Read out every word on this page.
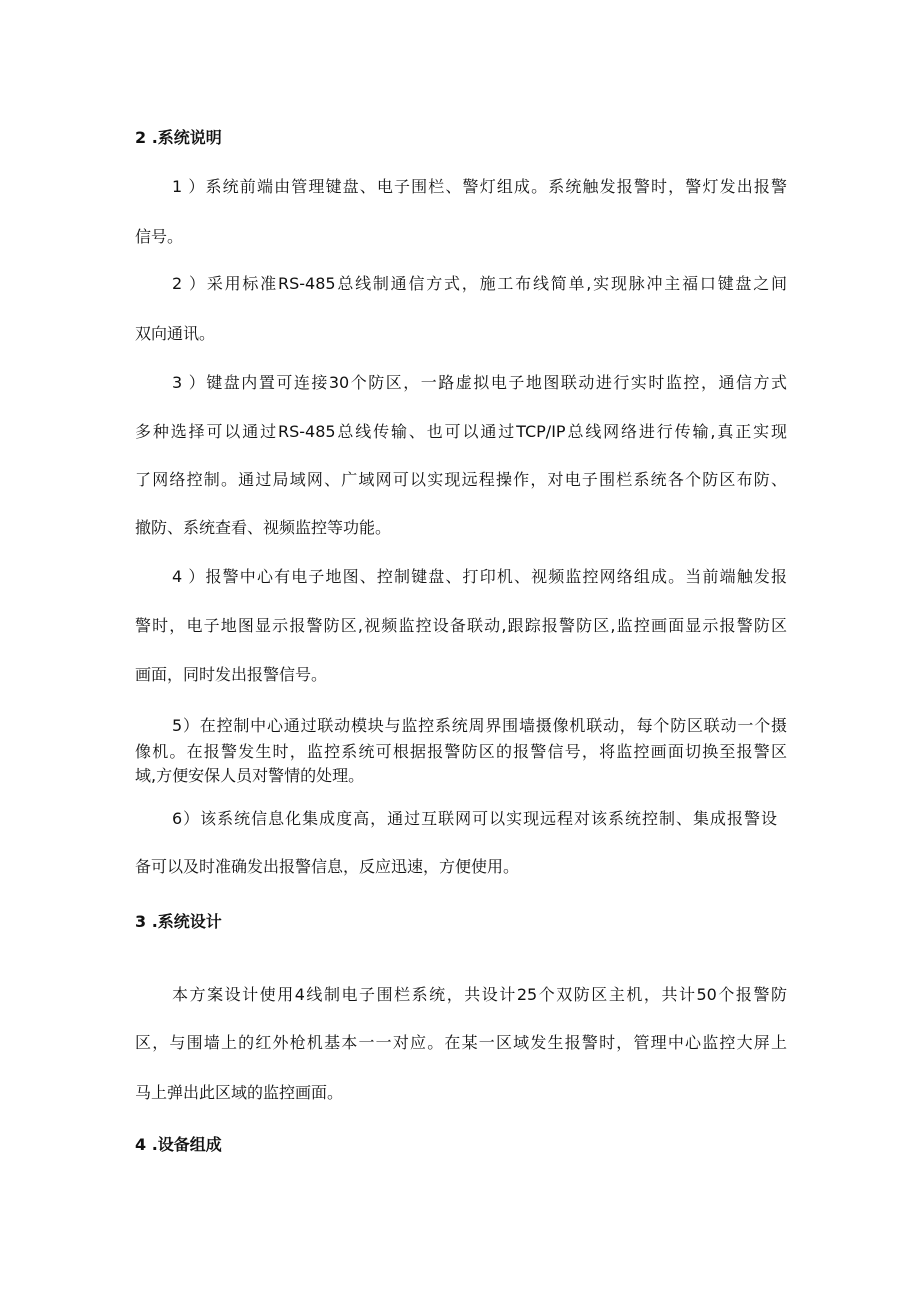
2 .系统说明
1 ）系统前端由管理键盘、电子围栏、警灯组成。系统触发报警时，警灯发出报警
信号。
2 ）采用标准RS-485总线制通信方式，施工布线简单,实现脉冲主福口键盘之间
双向通讯。
3 ）键盘内置可连接30个防区，一路虚拟电子地图联动进行实时监控，通信方式
多种选择可以通过RS-485总线传输、也可以通过TCP/IP总线网络进行传输,真正实现
了网络控制。通过局域网、广域网可以实现远程操作，对电子围栏系统各个防区布防、
撤防、系统查看、视频监控等功能。
4 ）报警中心有电子地图、控制键盘、打印机、视频监控网络组成。当前端触发报
警时，电子地图显示报警防区,视频监控设备联动,跟踪报警防区,监控画面显示报警防区
画面，同时发出报警信号。
5）在控制中心通过联动模块与监控系统周界围墙摄像机联动，每个防区联动一个摄
像机。在报警发生时，监控系统可根据报警防区的报警信号，将监控画面切换至报警区
域,方便安保人员对警情的处理。
6）该系统信息化集成度高，通过互联网可以实现远程对该系统控制、集成报警设
备可以及时准确发出报警信息，反应迅速，方便使用。
3 .系统设计
本方案设计使用4线制电子围栏系统，共设计25个双防区主机，共计50个报警防
区，与围墙上的红外枪机基本一一对应。在某一区域发生报警时，管理中心监控大屏上
马上弹出此区域的监控画面。
4 .设备组成
